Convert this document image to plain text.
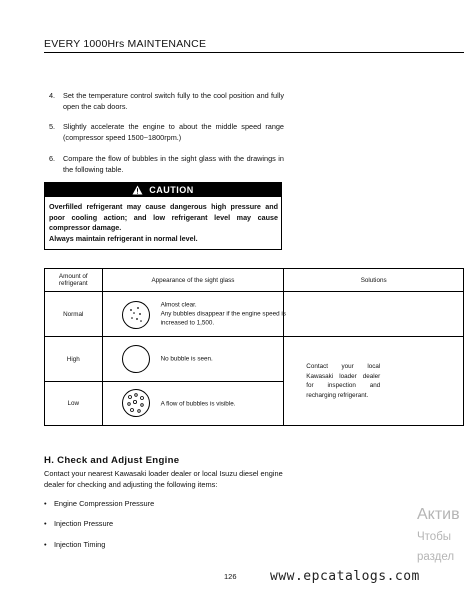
EVERY 1000Hrs MAINTENANCE
4. Set the temperature control switch fully to the cool position and fully open the cab doors.
5. Slightly accelerate the engine to about the middle speed range (compressor speed 1500~1800rpm.)
6. Compare the flow of bubbles in the sight glass with the drawings in the following table.
CAUTION

Overfilled refrigerant may cause dangerous high pressure and poor cooling action; and low refrigerant level may cause compressor damage.

Always maintain refrigerant in normal level.

Amount of refrigerant	Appearance of the sight glass	Solutions
Normal	Almost clear.
Any bubbles disappear if the engine speed is increased to 1,500.	

High	No bubble is seen.	Contact your local Kawasaki loader dealer for inspection and recharging refrigerant.

Low	A flow of bubbles is visible.	
H. Check and Adjust Engine
Contact your nearest Kawasaki loader dealer or local Isuzu diesel engine dealer for checking and adjusting the following items:
• Engine Compression Pressure
• Injection Pressure
• Injection Timing
126	www.epcatalogs.com
Актив
Чтобы
раздел
